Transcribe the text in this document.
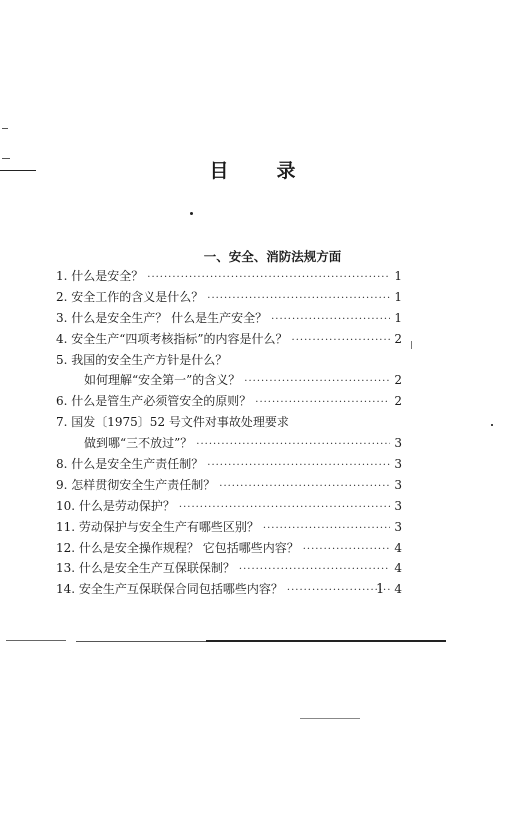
目	录
一、安全、消防法规方面
1. 什么是安全？ ·····	1
2. 安全工作的含义是什么？ ·····	1
3. 什么是安全生产？ 什么是生产安全？ ·····	1
4. 安全生产“四项考核指标”的内容是什么？ ·····	2
5. 我国的安全生产方针是什么？
如何理解“安全第一”的含义？ ·····	2
6. 什么是管生产必须管安全的原则？ ·····	2
7. 国发〔1975〕52 号文件对事故处理要求
做到哪“三不放过”？ ·····	3
8. 什么是安全生产责任制？ ·····	3
9. 怎样贯彻安全生产责任制？ ·····	3
10. 什么是劳动保护？ ·····	3
11. 劳动保护与安全生产有哪些区别？ ·····	3
12. 什么是安全操作规程？ 它包括哪些内容？ ·····	4
13. 什么是安全生产互保联保制？ ·····	4
14. 安全生产互保联保合同包括哪些内容？ ·····	4
1
